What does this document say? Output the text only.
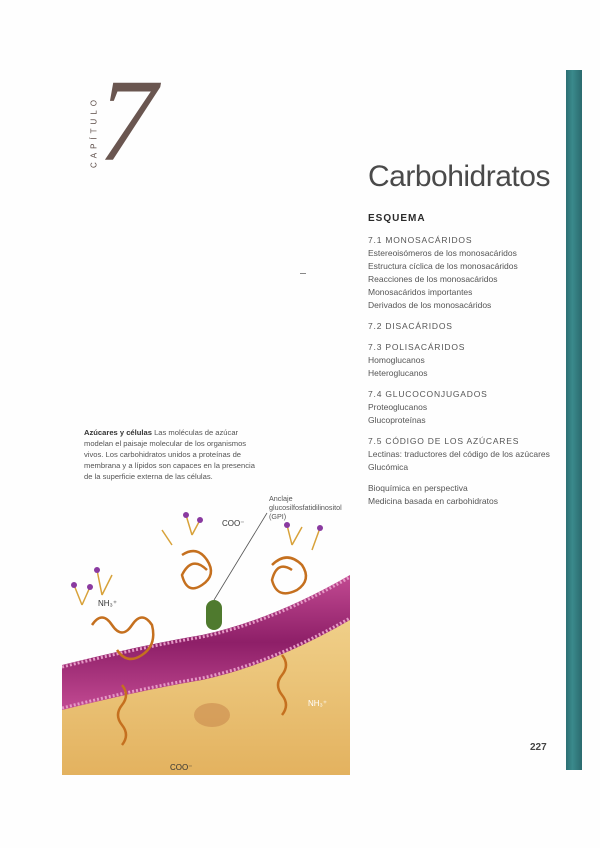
CAPÍTULO 7	Carbohidratos
ESQUEMA
7.1 MONOSACÁRIDOS
Estereoisómeros de los monosacáridos
Estructura cíclica de los monosacáridos
Reacciones de los monosacáridos
Monosacáridos importantes
Derivados de los monosacáridos
7.2 DISACÁRIDOS
7.3 POLISACÁRIDOS
Homoglucanos
Heteroglucanos
7.4 GLUCOCONJUGADOS
Proteoglucanos
Glucoproteínas
7.5 CÓDIGO DE LOS AZÚCARES
Lectinas: traductores del código de los azúcares
Glucómica
Bioquímica en perspectiva
Medicina basada en carbohidratos
Azúcares y células Las moléculas de azúcar modelan el paisaje molecular de los organismos vivos. Los carbohidratos unidos a proteínas de membrana y a lípidos son capaces en la presencia de la superficie externa de las células.
Anclaje glucosilfosfatidilinositol (GPI)
COO⁻
NH₃⁺
NH₃⁺
COO⁻
227
